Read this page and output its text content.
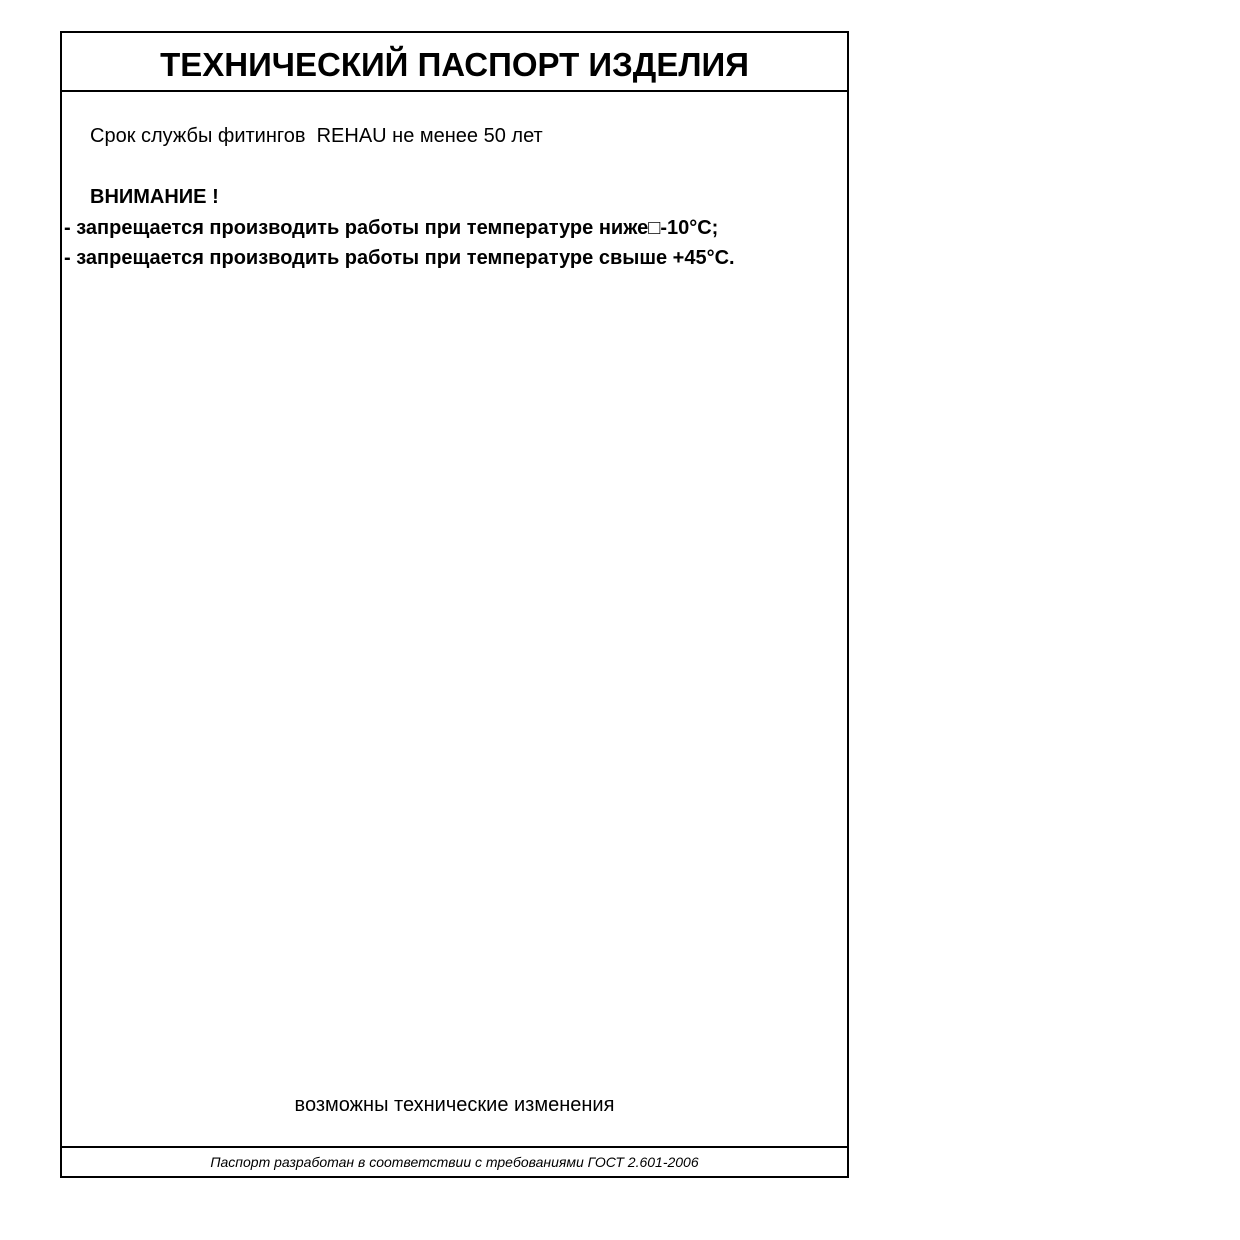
ТЕХНИЧЕСКИЙ ПАСПОРТ ИЗДЕЛИЯ
Срок службы фитингов  REHAU не менее 50 лет
ВНИМАНИЕ !
- запрещается производить работы при температуре ниже□-10°С;
- запрещается производить работы при температуре свыше +45°С.
возможны технические изменения
Паспорт разработан в соответствии с требованиями ГОСТ 2.601-2006
